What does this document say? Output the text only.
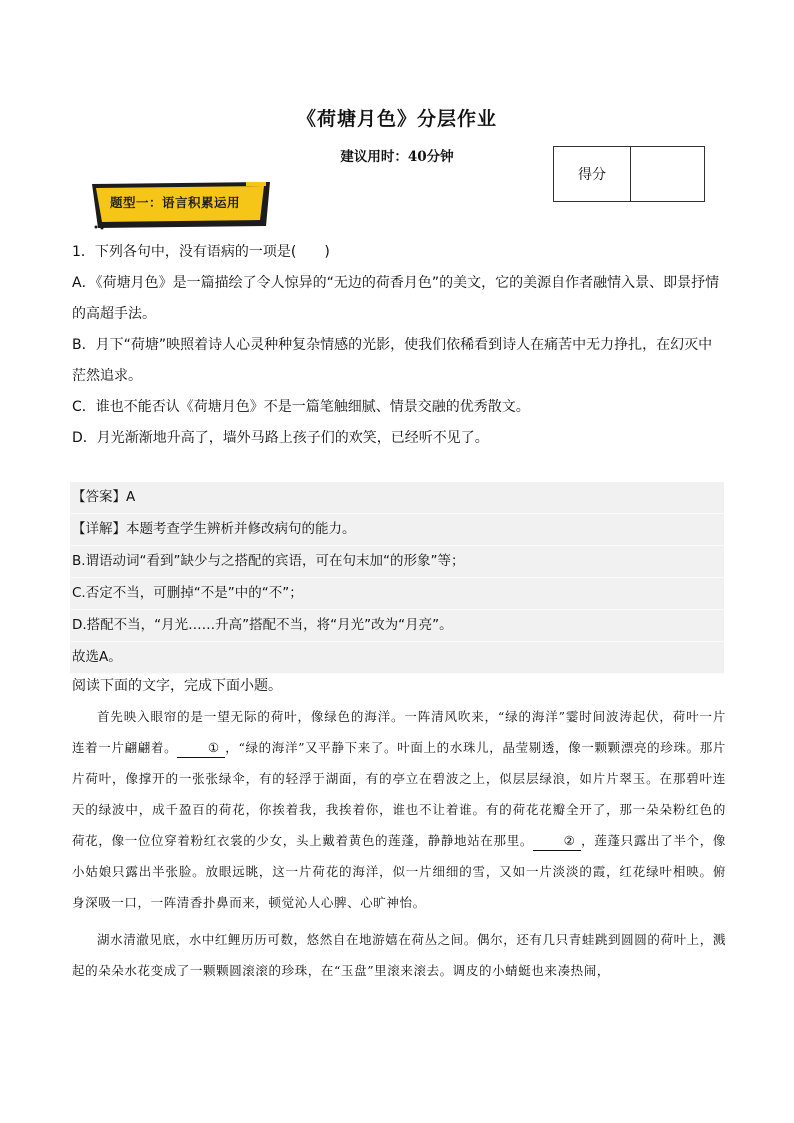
《荷塘月色》分层作业
建议用时：40分钟
得分
题型一：语言积累运用

1．下列各句中，没有语病的一项是(　　)

A．《荷塘月色》是一篇描绘了令人惊异的“无边的荷香月色”的美文，它的美源自作者融情入景、即景抒情的高超手法。

B．月下“荷塘”映照着诗人心灵种种复杂情感的光影，使我们依稀看到诗人在痛苦中无力挣扎，在幻灭中茫然追求。

C．谁也不能否认《荷塘月色》不是一篇笔触细腻、情景交融的优秀散文。

D．月光渐渐地升高了，墙外马路上孩子们的欢笑，已经听不见了。

【答案】A
【详解】本题考查学生辨析并修改病句的能力。
B.谓语动词“看到”缺少与之搭配的宾语，可在句末加“的形象”等；
C.否定不当，可删掉“不是”中的“不”；
D.搭配不当，“月光……升高”搭配不当，将“月光”改为“月亮”。
故选A。
阅读下面的文字，完成下面小题。

首先映入眼帘的是一望无际的荷叶，像绿色的海洋。一阵清风吹来，“绿的海洋”霎时间波涛起伏，荷叶一片连着一片翩翩着。 ① ，“绿的海洋”又平静下来了。叶面上的水珠儿，晶莹剔透，像一颗颗漂亮的珍珠。那片片荷叶，像撑开的一张张绿伞，有的轻浮于湖面，有的亭立在碧波之上，似层层绿浪，如片片翠玉。在那碧叶连天的绿波中，成千盈百的荷花，你挨着我，我挨着你，谁也不让着谁。有的荷花花瓣全开了，那一朵朵粉红色的荷花，像一位位穿着粉红衣裳的少女，头上戴着黄色的莲蓬，静静地站在那里。 ② ，莲蓬只露出了半个，像小姑娘只露出半张脸。放眼远眺，这一片荷花的海洋，似一片细细的雪，又如一片淡淡的霞，红花绿叶相映。俯身深吸一口，一阵清香扑鼻而来，顿觉沁人心脾、心旷神怡。

湖水清澈见底，水中红鲤历历可数，悠然自在地游嬉在荷丛之间。偶尔，还有几只青蛙跳到圆圆的荷叶上，溅起的朵朵水花变成了一颗颗圆滚滚的珍珠，在“玉盘”里滚来滚去。调皮的小蜻蜓也来凑热闹，
